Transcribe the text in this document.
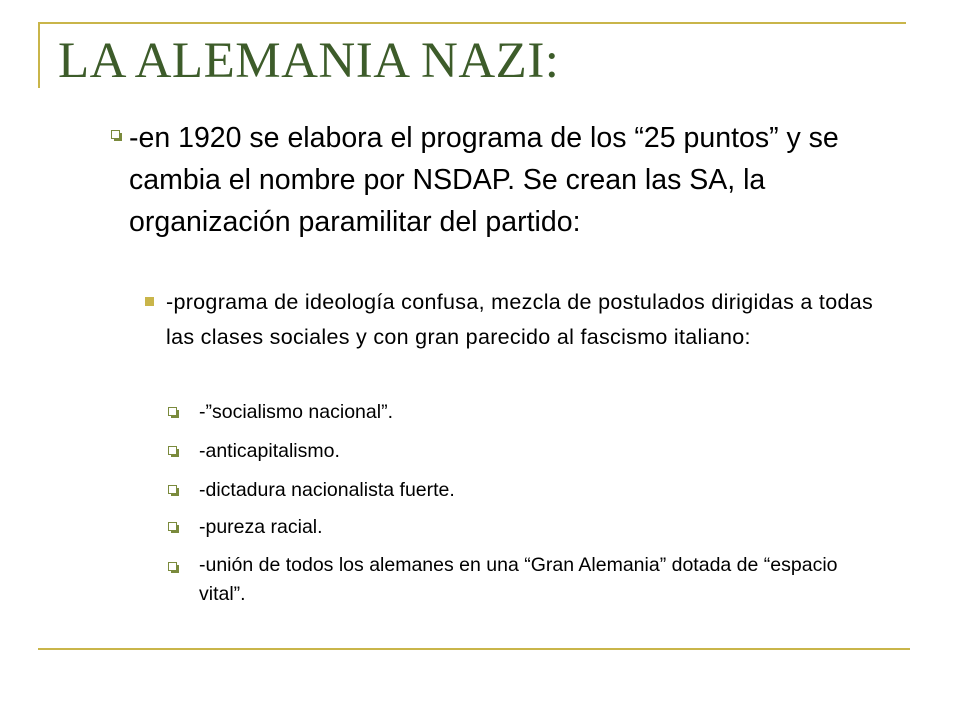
LA ALEMANIA NAZI:
-en 1920 se elabora el programa de los “25 puntos” y se cambia el nombre por NSDAP. Se crean las SA, la organización paramilitar del partido:
-programa de ideología confusa, mezcla de postulados dirigidas a todas las clases sociales y con gran parecido al fascismo italiano:
-”socialismo nacional”.
-anticapitalismo.
-dictadura nacionalista fuerte.
-pureza racial.
-unión de todos los alemanes en una “Gran Alemania” dotada de “espacio vital”.
